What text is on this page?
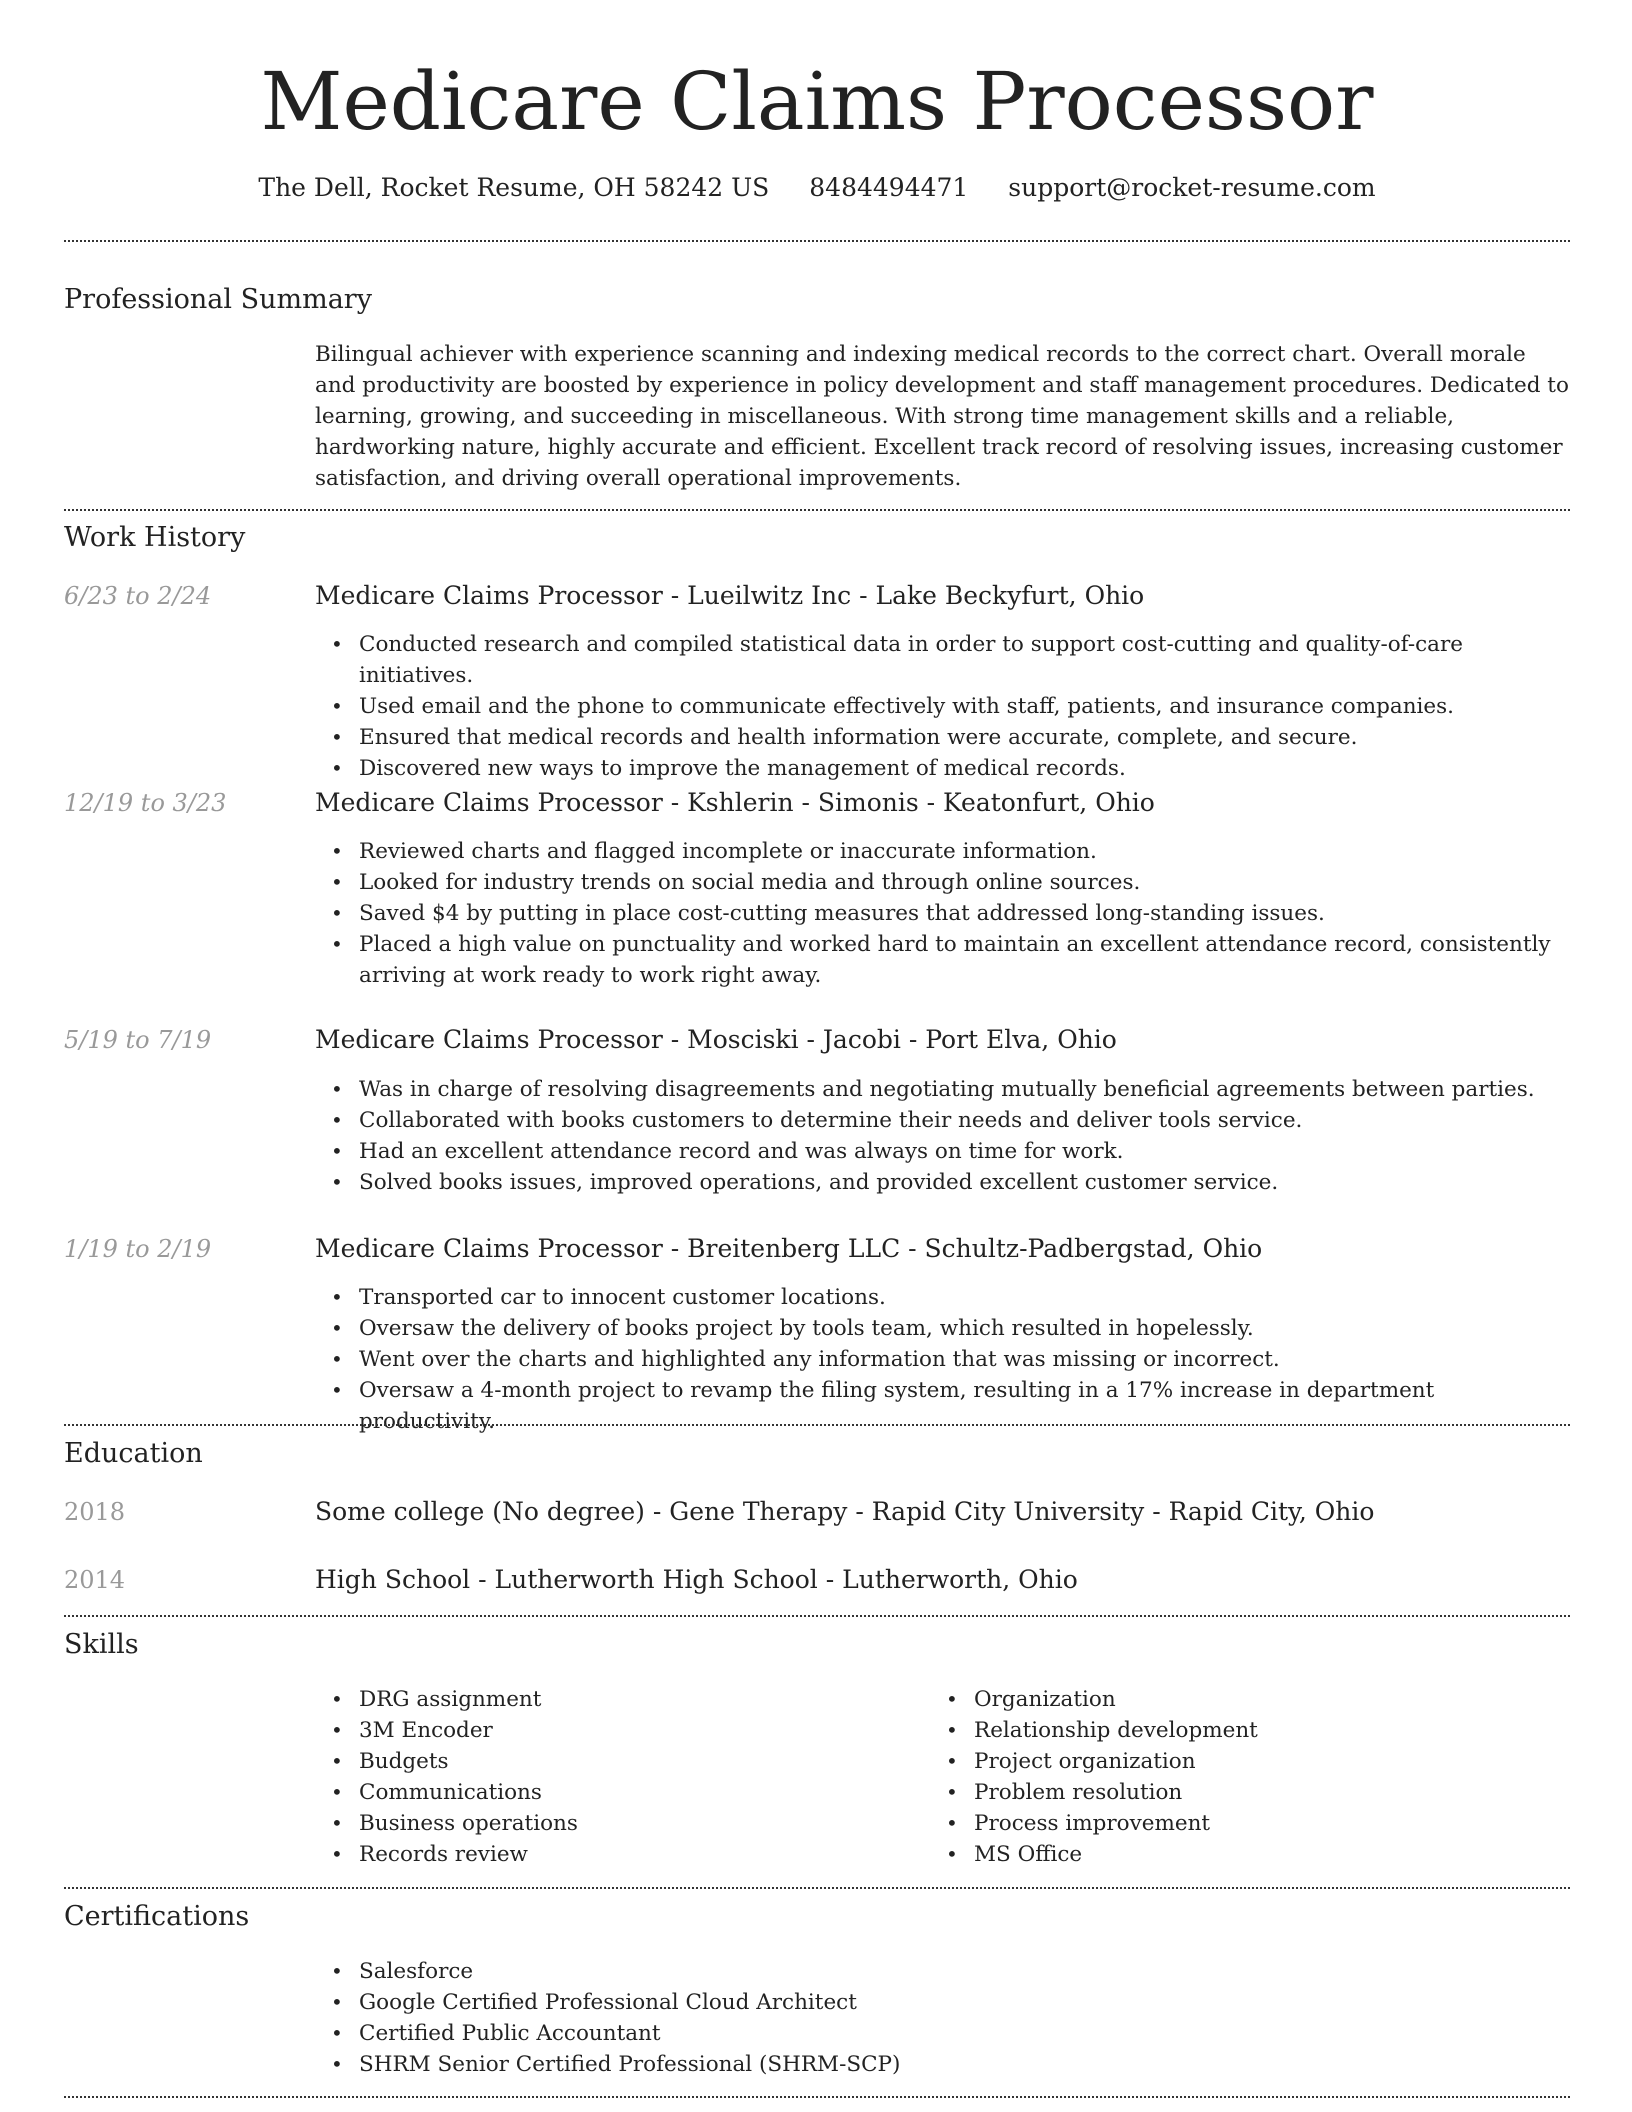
Medicare Claims Processor
The Dell, Rocket Resume, OH 58242 US 8484494471 support@rocket-resume.com
Professional Summary

Bilingual achiever with experience scanning and indexing medical records to the correct chart. Overall morale and productivity are boosted by experience in policy development and staff management procedures. Dedicated to learning, growing, and succeeding in miscellaneous. With strong time management skills and a reliable, hardworking nature, highly accurate and efficient. Excellent track record of resolving issues, increasing customer satisfaction, and driving overall operational improvements.

Work History
6/23 to 2/24	Medicare Claims Processor - Lueilwitz Inc - Lake Beckyfurt, Ohio
• Conducted research and compiled statistical data in order to support cost-cutting and quality-of-care initiatives.
• Used email and the phone to communicate effectively with staff, patients, and insurance companies.
• Ensured that medical records and health information were accurate, complete, and secure.
• Discovered new ways to improve the management of medical records.
12/19 to 3/23	Medicare Claims Processor - Kshlerin - Simonis - Keatonfurt, Ohio
• Reviewed charts and flagged incomplete or inaccurate information.
• Looked for industry trends on social media and through online sources.
• Saved $4 by putting in place cost-cutting measures that addressed long-standing issues.
• Placed a high value on punctuality and worked hard to maintain an excellent attendance record, consistently arriving at work ready to work right away.
5/19 to 7/19	Medicare Claims Processor - Mosciski - Jacobi - Port Elva, Ohio
• Was in charge of resolving disagreements and negotiating mutually beneficial agreements between parties.
• Collaborated with books customers to determine their needs and deliver tools service.
• Had an excellent attendance record and was always on time for work.
• Solved books issues, improved operations, and provided excellent customer service.
1/19 to 2/19	Medicare Claims Processor - Breitenberg LLC - Schultz-Padbergstad, Ohio
• Transported car to innocent customer locations.
• Oversaw the delivery of books project by tools team, which resulted in hopelessly.
• Went over the charts and highlighted any information that was missing or incorrect.
• Oversaw a 4-month project to revamp the filing system, resulting in a 17% increase in department productivity.
Education
2018	Some college (No degree) - Gene Therapy - Rapid City University - Rapid City, Ohio
2014	High School - Lutherworth High School - Lutherworth, Ohio
Skills
• DRG assignment
• 3M Encoder
• Budgets
• Communications
• Business operations
• Records review
• Organization
• Relationship development
• Project organization
• Problem resolution
• Process improvement
• MS Office
Certifications
• Salesforce
• Google Certified Professional Cloud Architect
• Certified Public Accountant
• SHRM Senior Certified Professional (SHRM-SCP)
